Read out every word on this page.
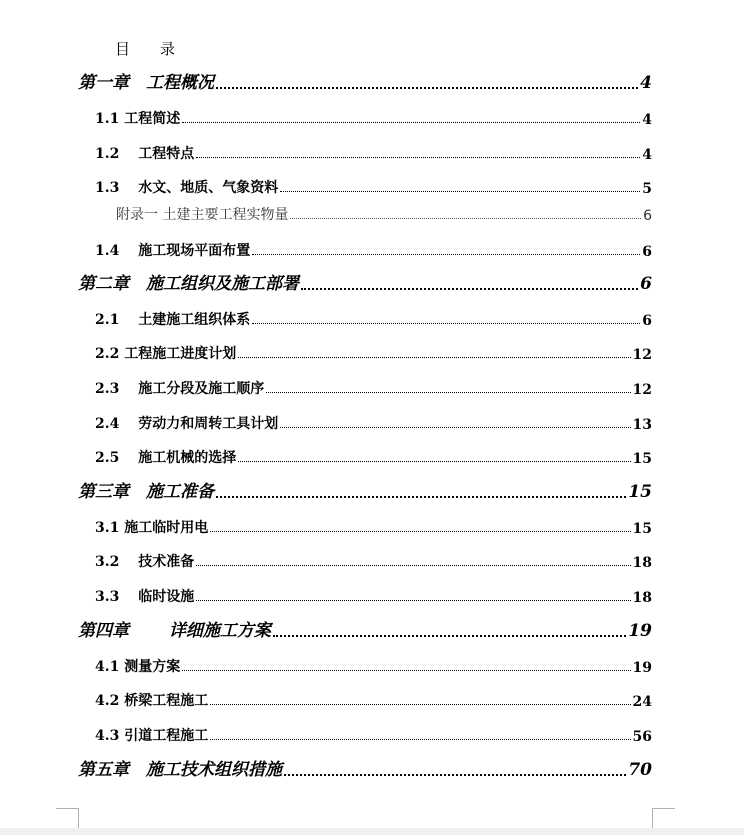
目 录
第一章　工程概况	4
1.1 工程简述	4
1.2　 工程特点	4
1.3　 水文、地质、气象资料	5
附录一 土建主要工程实物量	6
1.4　 施工现场平面布置	6
第二章　施工组织及施工部署	6
2.1　 土建施工组织体系	6
2.2 工程施工进度计划	12
2.3　 施工分段及施工顺序	12
2.4　 劳动力和周转工具计划	13
2.5　 施工机械的选择	15
第三章　施工准备	15
3.1 施工临时用电	15
3.2　 技术准备	18
3.3　 临时设施	18
第四章　　 详细施工方案	19
4.1 测量方案	19
4.2 桥梁工程施工	24
4.3 引道工程施工	56
第五章　施工技术组织措施	70
